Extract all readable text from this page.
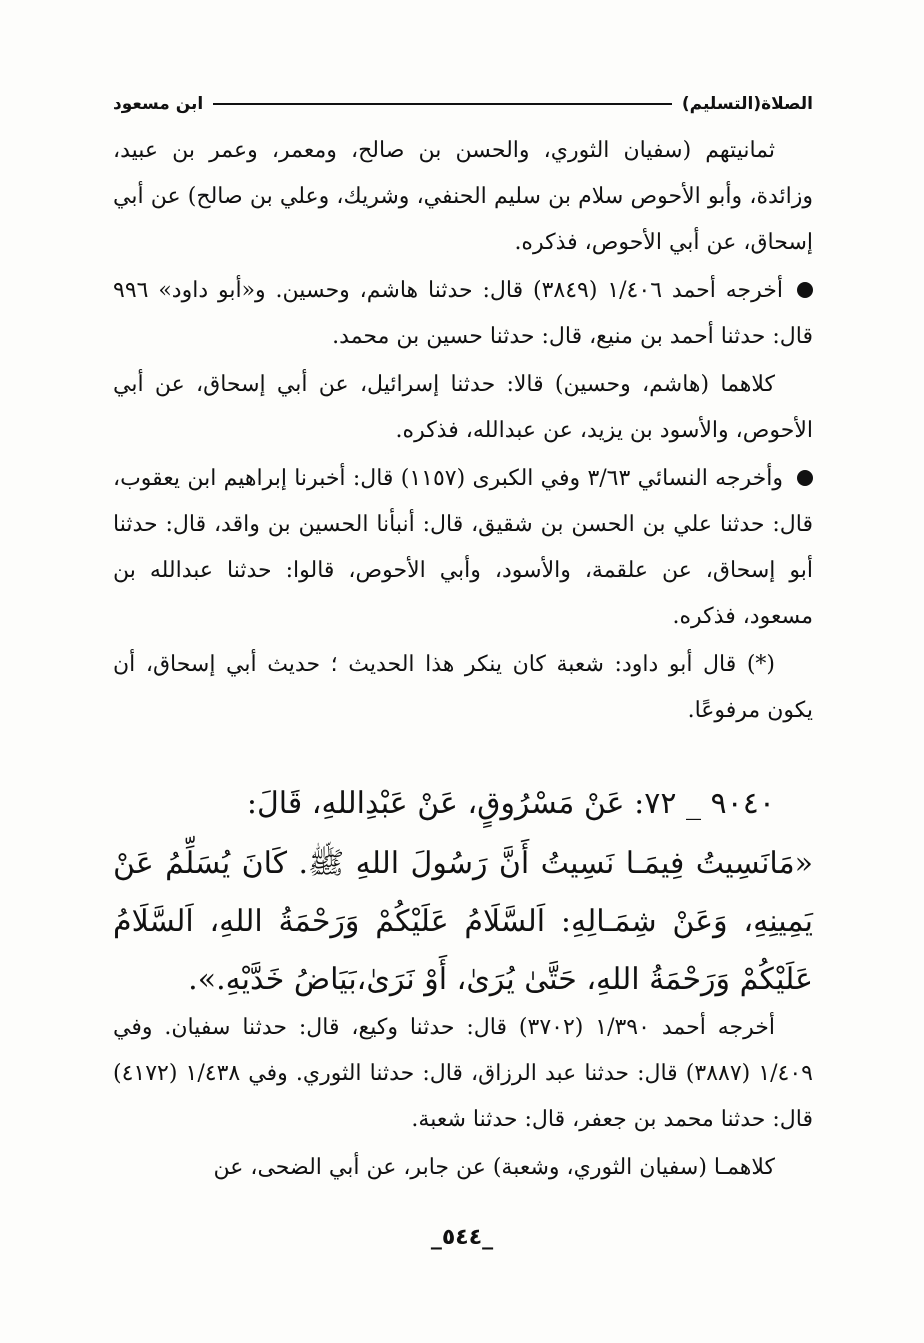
الصلاة(التسليم)
ابن مسعود

ثمانيتهم (سفيان الثوري، والحسن بن صالح، ومعمر، وعمر بن عبيد، وزائدة، وأبو الأحوص سلام بن سليم الحنفي، وشريك، وعلي بن صالح) عن أبي إسحاق، عن أبي الأحوص، فذكره.

أخرجه أحمد ١/٤٠٦ (٣٨٤٩) قال: حدثنا هاشم، وحسين. و«أبو داود» ٩٩٦ قال: حدثنا أحمد بن منيع، قال: حدثنا حسين بن محمد.

كلاهما (هاشم، وحسين) قالا: حدثنا إسرائيل، عن أبي إسحاق، عن أبي الأحوص، والأسود بن يزيد، عن عبدالله، فذكره.

وأخرجه النسائي ٣/٦٣ وفي الكبرى (١١٥٧) قال: أخبرنا إبراهيم ابن يعقوب، قال: حدثنا علي بن الحسن بن شقيق، قال: أنبأنا الحسين بن واقد، قال: حدثنا أبو إسحاق، عن علقمة، والأسود، وأبي الأحوص، قالوا: حدثنا عبدالله بن مسعود، فذكره.

(*) قال أبو داود: شعبة كان ينكر هذا الحديث ؛ حديث أبي إسحاق، أن يكون مرفوعًا.

٩٠٤٠ _ ٧٢: عَنْ مَسْرُوقٍ، عَنْ عَبْدِاللهِ، قَالَ:

«مَانَسِيتُ فِيمَـا نَسِيتُ أَنَّ رَسُولَ اللهِ ﷺ. كَانَ يُسَلِّمُ عَنْ يَمِينِهِ، وَعَنْ شِمَـالِهِ: اَلسَّلَامُ عَلَيْكُمْ وَرَحْمَةُ اللهِ، اَلسَّلَامُ عَلَيْكُمْ وَرَحْمَةُ اللهِ، حَتَّىٰ يُرَىٰ، أَوْ نَرَىٰ،بَيَاضُ خَدَّيْهِ.».

أخرجه أحمد ١/٣٩٠ (٣٧٠٢) قال: حدثنا وكيع، قال: حدثنا سفيان. وفي ١/٤٠٩ (٣٨٨٧) قال: حدثنا عبد الرزاق، قال: حدثنا الثوري. وفي ١/٤٣٨ (٤١٧٢) قال: حدثنا محمد بن جعفر، قال: حدثنا شعبة.

كلاهمـا (سفيان الثوري، وشعبة) عن جابر، عن أبي الضحى، عن

_٥٤٤_
